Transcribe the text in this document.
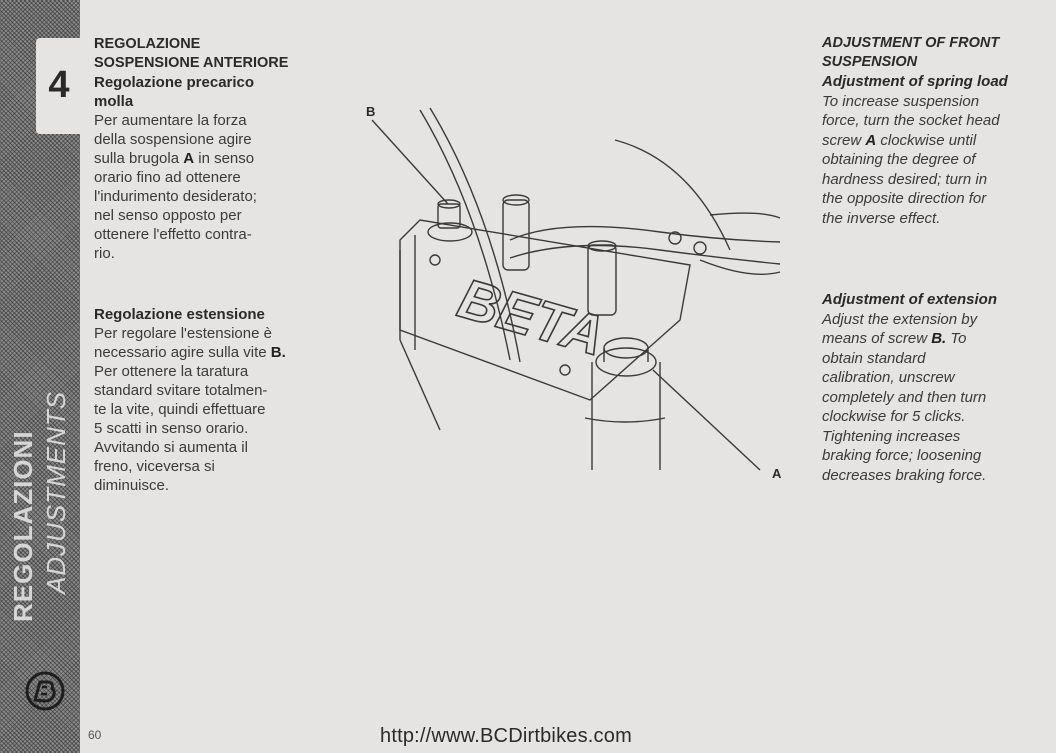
4
REGOLAZIONI ADJUSTMENTS

REGOLAZIONE

SOSPENSIONE ANTERIORE

Regolazione precarico

molla

Per aumentare la forza

della sospensione agire

sulla brugola A in senso

orario fino ad ottenere

l'indurimento desiderato;

nel senso opposto per

ottenere l'effetto contra-

rio.

Regolazione estensione

Per regolare l'estensione è

necessario agire sulla vite B.

Per ottenere la taratura

standard svitare totalmen-

te la vite, quindi effettuare

5 scatti in senso orario.

Avvitando si aumenta il

freno, viceversa si

diminuisce.

BETA
B
A

ADJUSTMENT OF FRONT

SUSPENSION

Adjustment of spring load

To increase suspension

force, turn the socket head

screw A clockwise until

obtaining the degree of

hardness desired; turn in

the opposite direction for

the inverse effect.

Adjustment of extension

Adjust the extension by

means of screw B. To

obtain standard

calibration, unscrew

completely and then turn

clockwise for 5 clicks.

Tightening increases

braking force; loosening

decreases braking force.

60	http://www.BCDirtbikes.com
